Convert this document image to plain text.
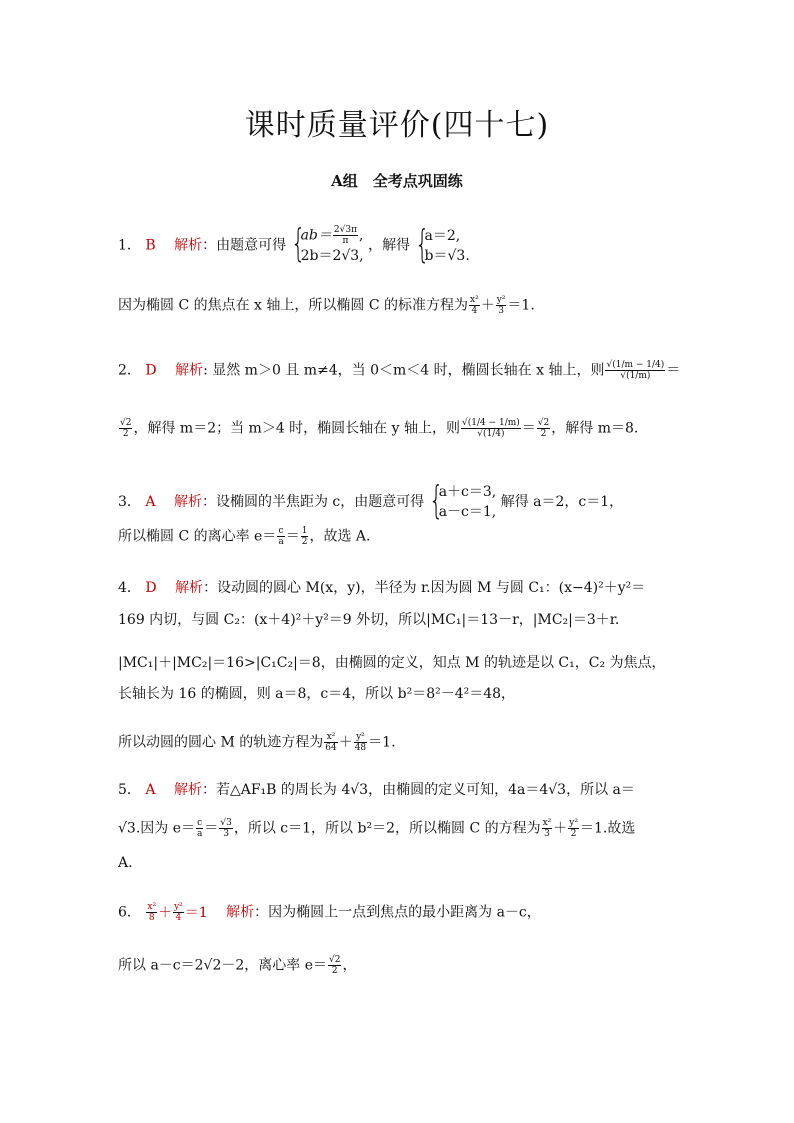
课时质量评价(四十七)
A组　全考点巩固练
1． B　 解析：由题意可得 {
$ab= \frac{2√3\pi}{\pi}$ ,
2b＝2√3,
，解得 {
a＝2,
b＝√3.
因为椭圆 C 的焦点在 x 轴上，所以椭圆 C 的标准方程为 $\frac{\text{x²}}{4} + \frac{\text{y²}}{3} =1$.
2． D　 解析: 显然 m＞0 且 m≠4，当 0＜m＜4 时，椭圆长轴在 x 轴上，则 $\frac{√(1/m - 1/4)}{√(1/m)}$ ＝
$\frac{√2}{2}$ ，解得 m＝2；当 m＞4 时，椭圆长轴在 y 轴上，则 $\frac{√(1/4 - 1/m)}{√(1/4)} = \frac{√2}{2}$ ，解得 m＝8.
3． A　 解析：设椭圆的半焦距为 c，由题意可得 {
a＋c＝3,
a－c＝1,
解得 a＝2，c＝1，
所以椭圆 C 的离心率 $e= \frac{c}{a} = \frac{1}{2}$ ，故选 A.
4． D　 解析：设动圆的圆心 M(x，y)，半径为 r.因为圆 M 与圆 C₁：(x−4)²＋y²＝
169 内切，与圆 C₂：(x＋4)²＋y²＝9 外切，所以|MC₁|＝13－r，|MC₂|＝3＋r.
|MC₁|＋|MC₂|＝16>|C₁C₂|＝8，由椭圆的定义，知点 M 的轨迹是以 C₁，C₂ 为焦点，
长轴长为 16 的椭圆，则 a＝8，c＝4，所以 b²＝8²－4²＝48，
所以动圆的圆心 M 的轨迹方程为 $\frac{\text{x²}}{64} + \frac{\text{y²}}{48} =1$.
5． A　 解析：若△AF₁B 的周长为 4√3，由椭圆的定义可知，4a＝4√3，所以 a＝
√3.因为 $e= \frac{c}{a} = \frac{√3}{3}$ ，所以 c＝1，所以 b²＝2，所以椭圆 C 的方程为 $\frac{\text{x²}}{3} + \frac{\text{y²}}{2} =1$.故选
A.
6． $\frac{\text{x²}}{8} + \frac{\text{y²}}{4} =1$　 解析：因为椭圆上一点到焦点的最小距离为 a－c，
所以 a－c＝2√2－2，离心率 $e= \frac{√2}{2}$ ，
